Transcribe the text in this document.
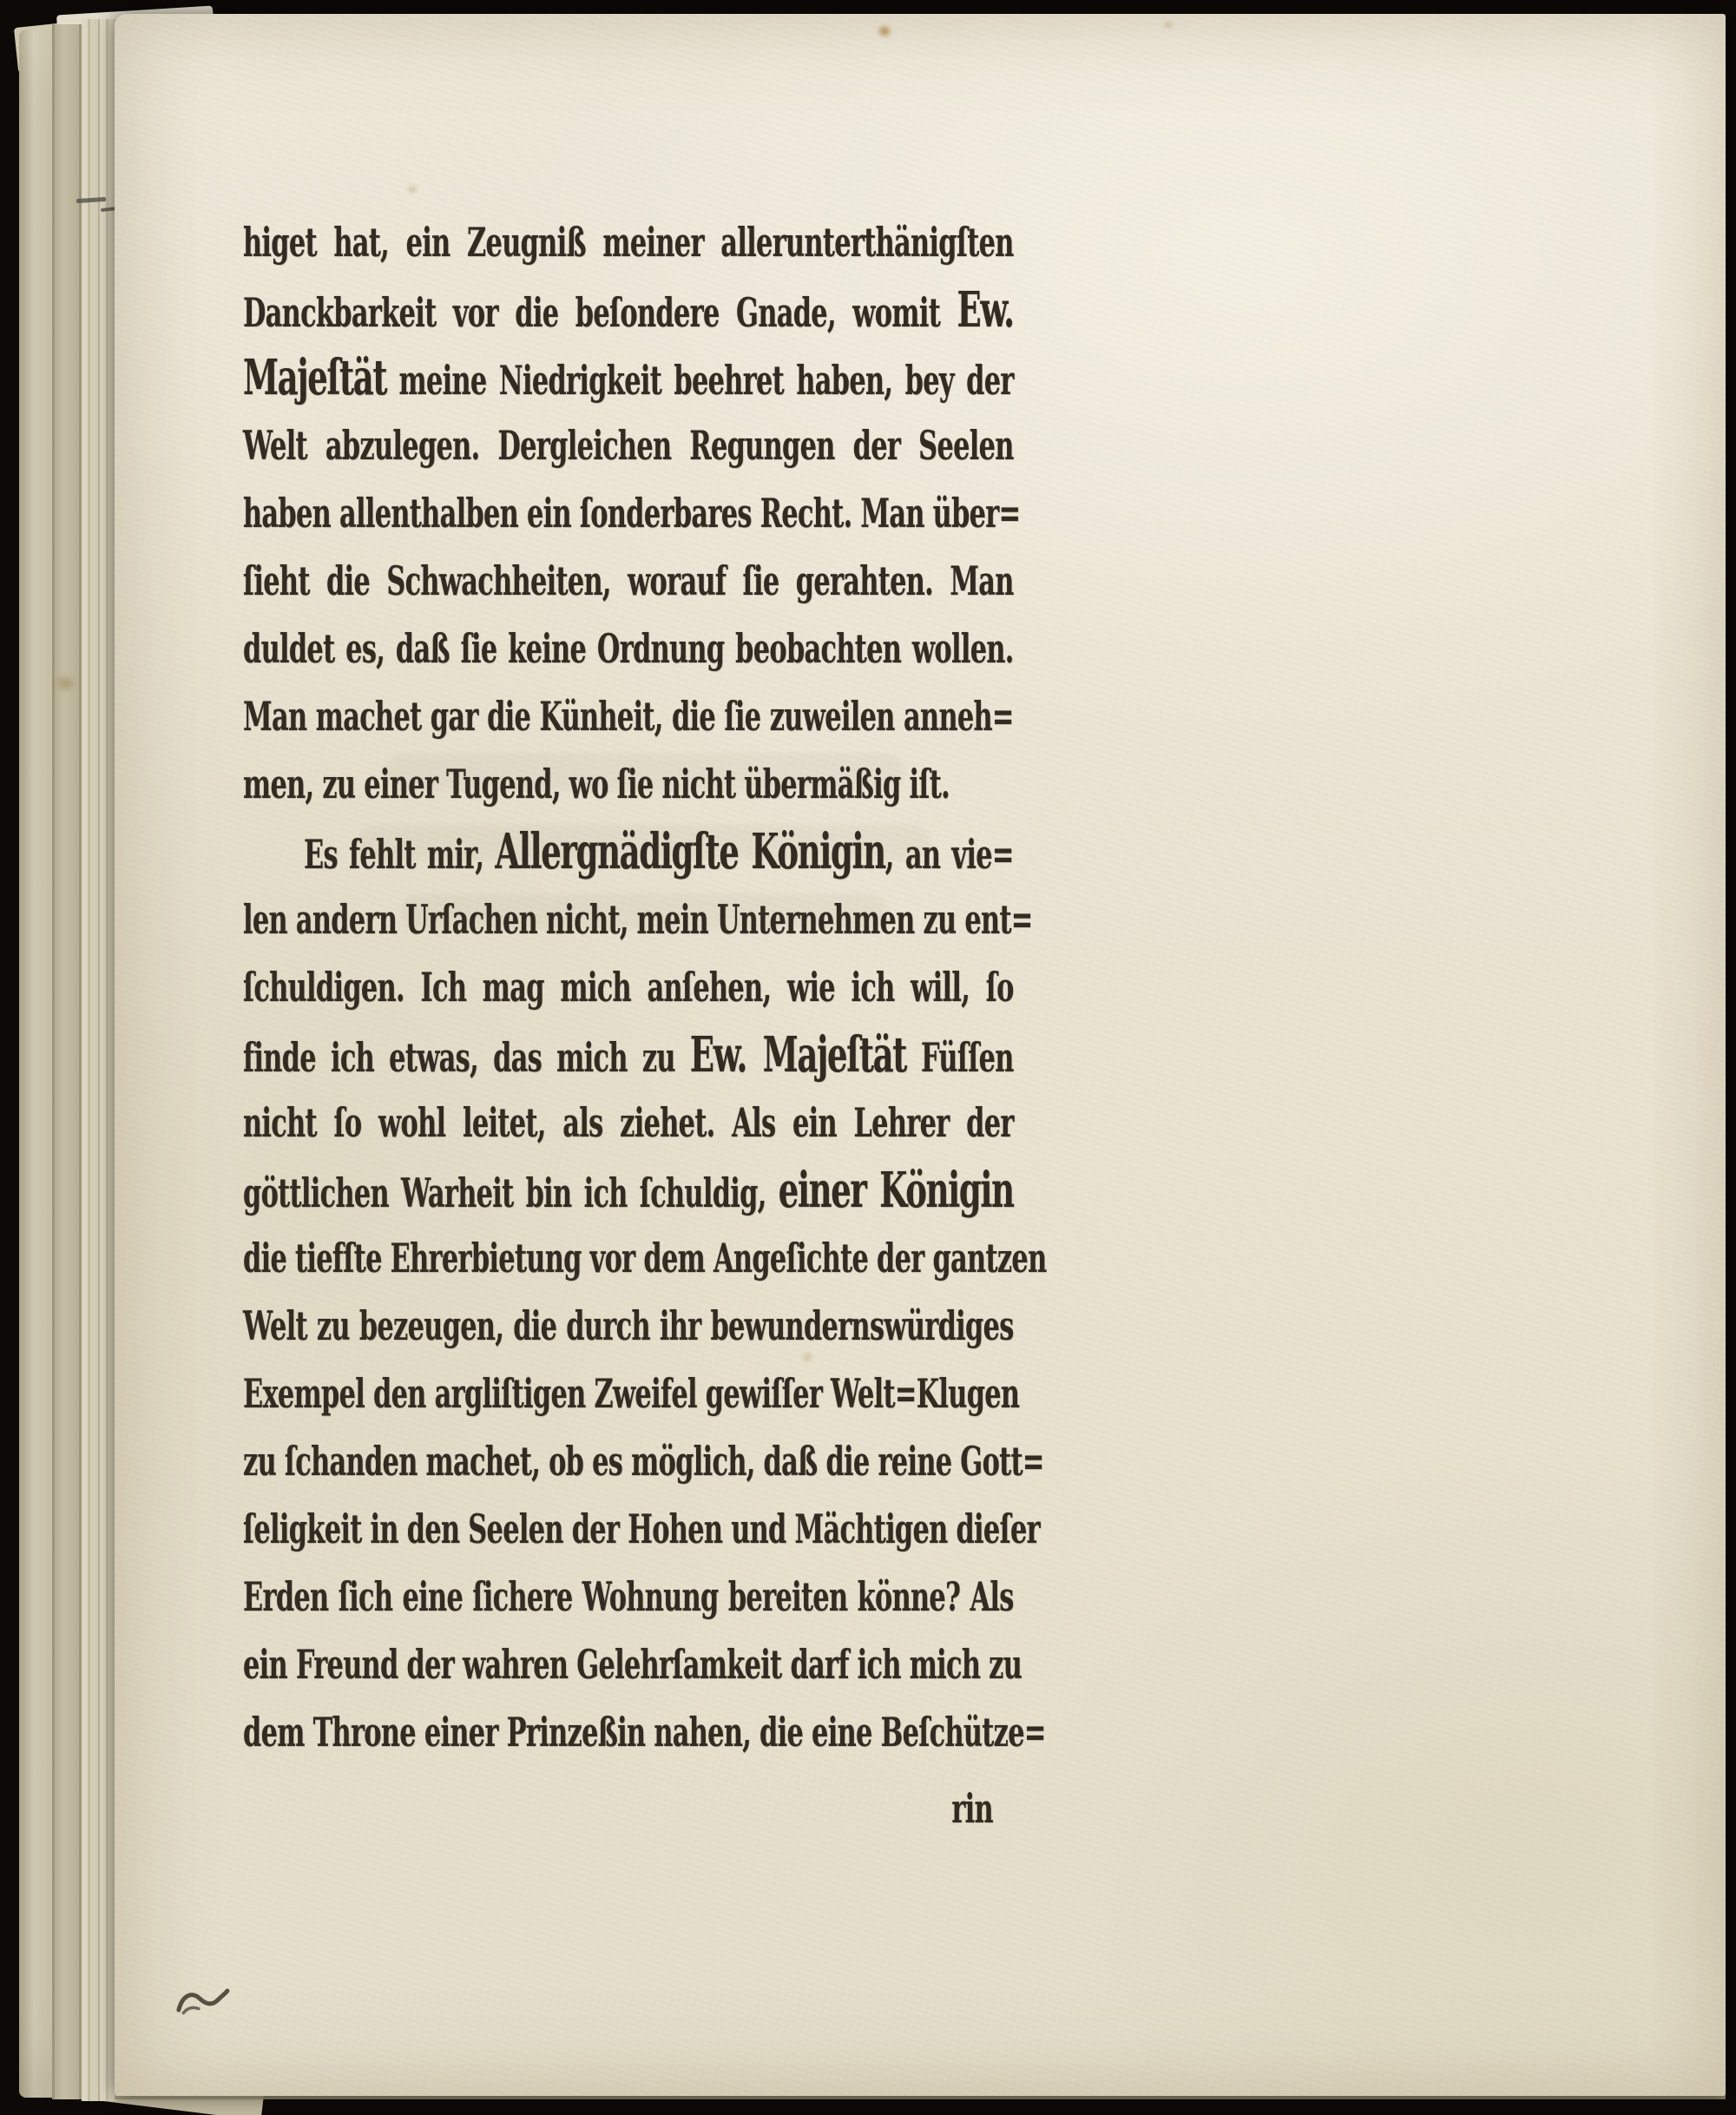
higet hat, ein Zeugniß meiner allerunterthänigſten
Danckbarkeit vor die beſondere Gnade, womit Ew.
Majeſtät meine Niedrigkeit beehret haben, bey der
Welt abzulegen. Dergleichen Regungen der Seelen
haben allenthalben ein ſonderbares Recht. Man über=
ſieht die Schwachheiten, worauf ſie gerahten. Man
duldet es, daß ſie keine Ordnung beobachten wollen.
Man machet gar die Künheit, die ſie zuweilen anneh=
men, zu einer Tugend, wo ſie nicht übermäßig iſt.
Es fehlt mir, Allergnädigſte Königin, an vie=
len andern Urſachen nicht, mein Unternehmen zu ent=
ſchuldigen. Ich mag mich anſehen, wie ich will, ſo
finde ich etwas, das mich zu Ew. Majeſtät Füſſen
nicht ſo wohl leitet, als ziehet. Als ein Lehrer der
göttlichen Warheit bin ich ſchuldig, einer Königin
die tiefſte Ehrerbietung vor dem Angeſichte der gantzen
Welt zu bezeugen, die durch ihr bewundernswürdiges
Exempel den argliſtigen Zweifel gewiſſer Welt=Klugen
zu ſchanden machet, ob es möglich, daß die reine Gott=
ſeligkeit in den Seelen der Hohen und Mächtigen dieſer
Erden ſich eine ſichere Wohnung bereiten könne? Als
ein Freund der wahren Gelehrſamkeit darf ich mich zu
dem Throne einer Prinzeßin nahen, die eine Beſchütze=
rin
